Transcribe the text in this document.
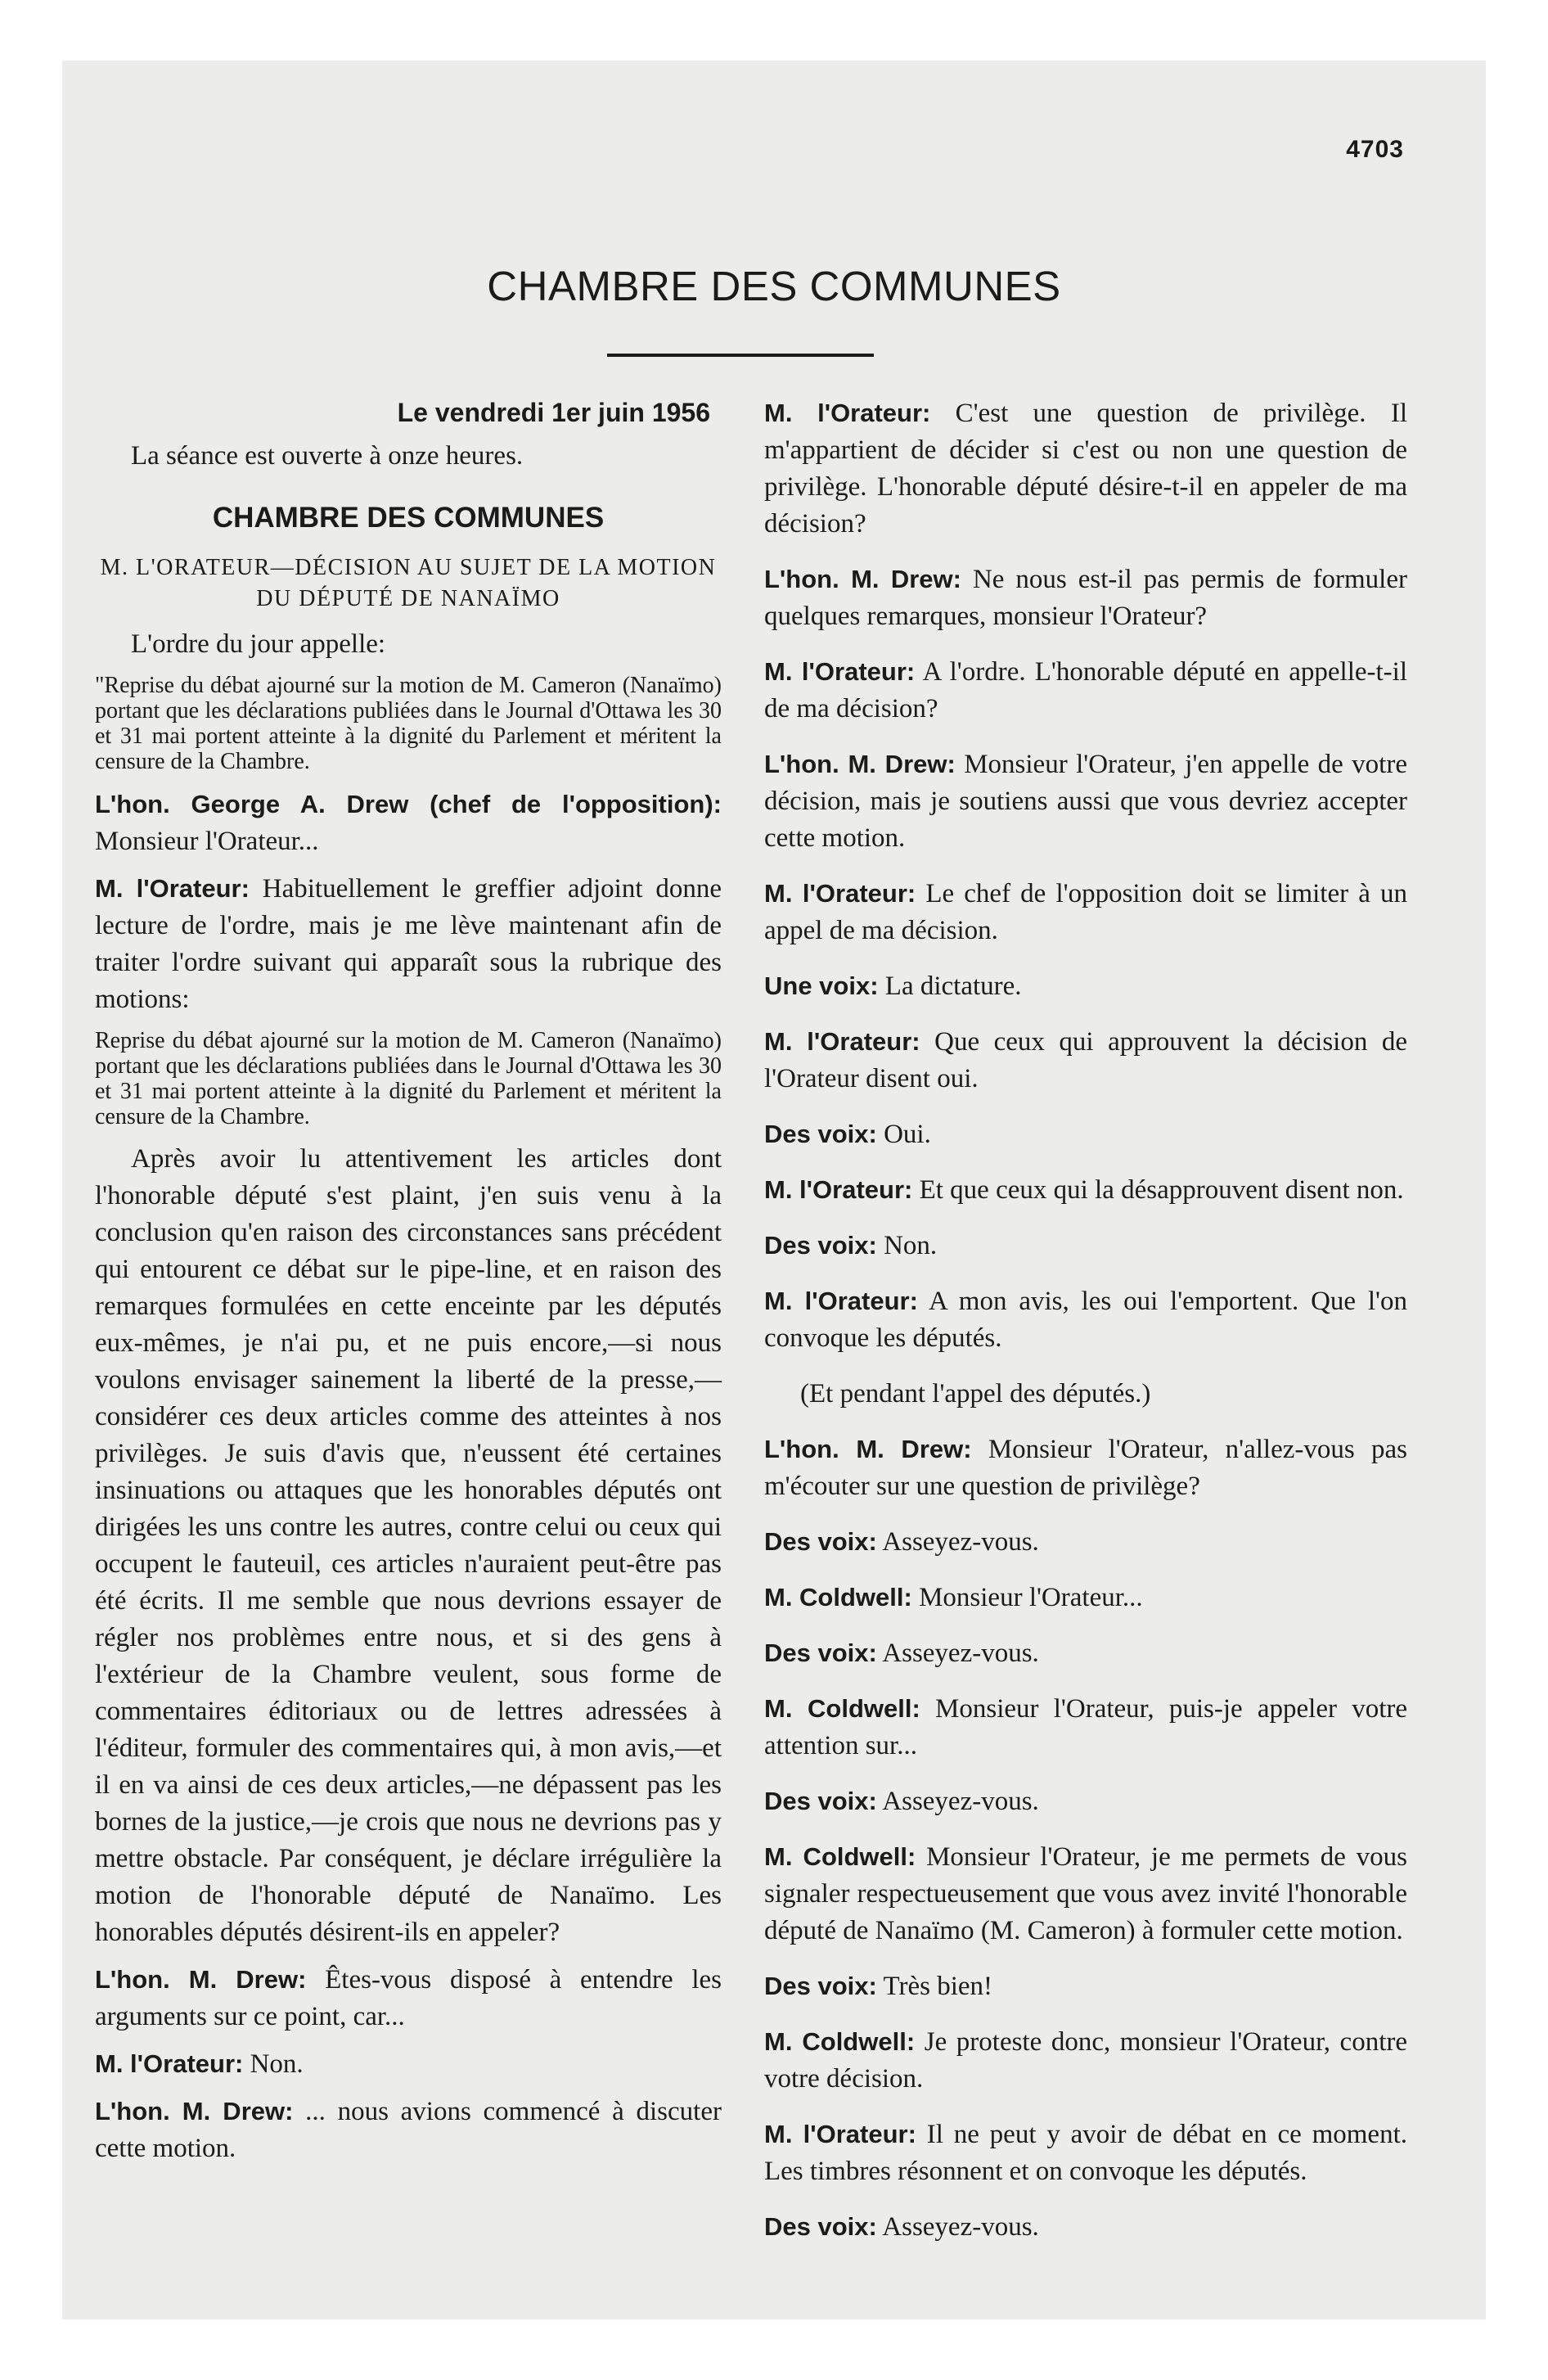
4703
CHAMBRE DES COMMUNES
Le vendredi 1er juin 1956

La séance est ouverte à onze heures.

CHAMBRE DES COMMUNES
M. L'ORATEUR—DÉCISION AU SUJET DE LA MOTION DU DÉPUTÉ DE NANAÏMO

L'ordre du jour appelle:

"Reprise du débat ajourné sur la motion de M. Cameron (Nanaïmo) portant que les déclarations publiées dans le Journal d'Ottawa les 30 et 31 mai portent atteinte à la dignité du Parlement et méritent la censure de la Chambre.

L'hon. George A. Drew (chef de l'opposition): Monsieur l'Orateur...

M. l'Orateur: Habituellement le greffier adjoint donne lecture de l'ordre, mais je me lève maintenant afin de traiter l'ordre suivant qui apparaît sous la rubrique des motions:

Reprise du débat ajourné sur la motion de M. Cameron (Nanaïmo) portant que les déclarations publiées dans le Journal d'Ottawa les 30 et 31 mai portent atteinte à la dignité du Parlement et méritent la censure de la Chambre.

Après avoir lu attentivement les articles dont l'honorable député s'est plaint, j'en suis venu à la conclusion qu'en raison des circonstances sans précédent qui entourent ce débat sur le pipe-line, et en raison des remarques formulées en cette enceinte par les députés eux-mêmes, je n'ai pu, et ne puis encore,—si nous voulons envisager sainement la liberté de la presse,—considérer ces deux articles comme des atteintes à nos privilèges. Je suis d'avis que, n'eussent été certaines insinuations ou attaques que les honorables députés ont dirigées les uns contre les autres, contre celui ou ceux qui occupent le fauteuil, ces articles n'auraient peut-être pas été écrits. Il me semble que nous devrions essayer de régler nos problèmes entre nous, et si des gens à l'extérieur de la Chambre veulent, sous forme de commentaires éditoriaux ou de lettres adressées à l'éditeur, formuler des commentaires qui, à mon avis,—et il en va ainsi de ces deux articles,—ne dépassent pas les bornes de la justice,—je crois que nous ne devrions pas y mettre obstacle. Par conséquent, je déclare irrégulière la motion de l'honorable député de Nanaïmo. Les honorables députés désirent-ils en appeler?

L'hon. M. Drew: Êtes-vous disposé à entendre les arguments sur ce point, car...

M. l'Orateur: Non.

L'hon. M. Drew: ... nous avions commencé à discuter cette motion.

M. l'Orateur: C'est une question de privilège. Il m'appartient de décider si c'est ou non une question de privilège. L'honorable député désire-t-il en appeler de ma décision?

L'hon. M. Drew: Ne nous est-il pas permis de formuler quelques remarques, monsieur l'Orateur?

M. l'Orateur: A l'ordre. L'honorable député en appelle-t-il de ma décision?

L'hon. M. Drew: Monsieur l'Orateur, j'en appelle de votre décision, mais je soutiens aussi que vous devriez accepter cette motion.

M. l'Orateur: Le chef de l'opposition doit se limiter à un appel de ma décision.

Une voix: La dictature.

M. l'Orateur: Que ceux qui approuvent la décision de l'Orateur disent oui.

Des voix: Oui.

M. l'Orateur: Et que ceux qui la désapprouvent disent non.

Des voix: Non.

M. l'Orateur: A mon avis, les oui l'emportent. Que l'on convoque les députés.

(Et pendant l'appel des députés.)

L'hon. M. Drew: Monsieur l'Orateur, n'allez-vous pas m'écouter sur une question de privilège?

Des voix: Asseyez-vous.

M. Coldwell: Monsieur l'Orateur...

Des voix: Asseyez-vous.

M. Coldwell: Monsieur l'Orateur, puis-je appeler votre attention sur...

Des voix: Asseyez-vous.

M. Coldwell: Monsieur l'Orateur, je me permets de vous signaler respectueusement que vous avez invité l'honorable député de Nanaïmo (M. Cameron) à formuler cette motion.

Des voix: Très bien!

M. Coldwell: Je proteste donc, monsieur l'Orateur, contre votre décision.

M. l'Orateur: Il ne peut y avoir de débat en ce moment. Les timbres résonnent et on convoque les députés.

Des voix: Asseyez-vous.
